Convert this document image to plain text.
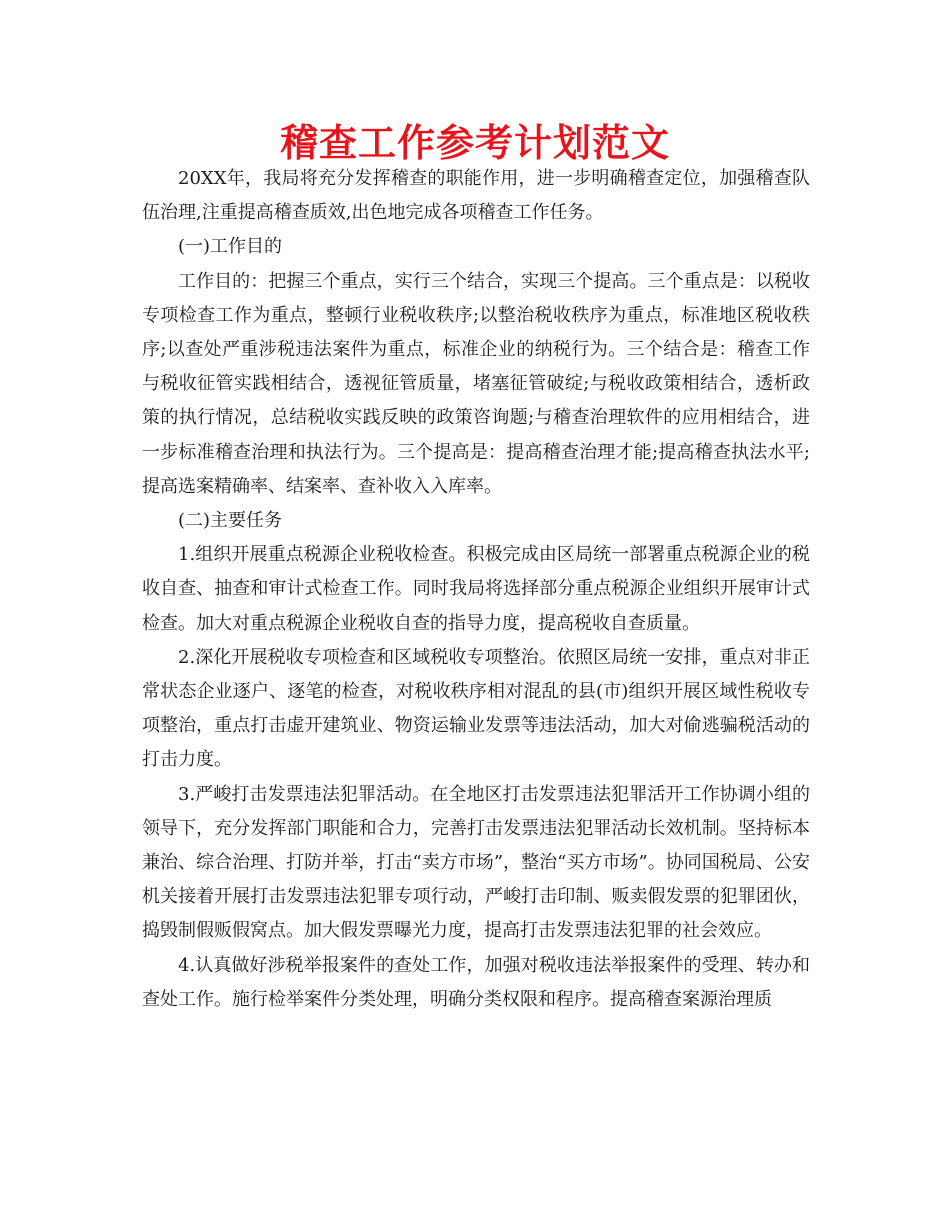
稽查工作参考计划范文

20XX年，我局将充分发挥稽查的职能作用，进一步明确稽查定位，加强稽查队伍治理,注重提高稽查质效,出色地完成各项稽查工作任务。

(一)工作目的

工作目的：把握三个重点，实行三个结合，实现三个提高。三个重点是：以税收专项检查工作为重点，整顿行业税收秩序;以整治税收秩序为重点，标准地区税收秩序;以查处严重涉税违法案件为重点，标准企业的纳税行为。三个结合是：稽查工作与税收征管实践相结合，透视征管质量，堵塞征管破绽;与税收政策相结合，透析政策的执行情况，总结税收实践反映的政策咨询题;与稽查治理软件的应用相结合，进一步标准稽查治理和执法行为。三个提高是：提高稽查治理才能;提高稽查执法水平;提高选案精确率、结案率、查补收入入库率。

(二)主要任务

1.组织开展重点税源企业税收检查。积极完成由区局统一部署重点税源企业的税收自查、抽查和审计式检查工作。同时我局将选择部分重点税源企业组织开展审计式检查。加大对重点税源企业税收自查的指导力度，提高税收自查质量。

2.深化开展税收专项检查和区域税收专项整治。依照区局统一安排，重点对非正常状态企业逐户、逐笔的检查，对税收秩序相对混乱的县(市)组织开展区域性税收专项整治，重点打击虚开建筑业、物资运输业发票等违法活动，加大对偷逃骗税活动的打击力度。

3.严峻打击发票违法犯罪活动。在全地区打击发票违法犯罪活开工作协调小组的领导下，充分发挥部门职能和合力，完善打击发票违法犯罪活动长效机制。坚持标本兼治、综合治理、打防并举，打击“卖方市场”，整治“买方市场”。协同国税局、公安机关接着开展打击发票违法犯罪专项行动，严峻打击印制、贩卖假发票的犯罪团伙，捣毁制假贩假窝点。加大假发票曝光力度，提高打击发票违法犯罪的社会效应。

4.认真做好涉税举报案件的查处工作，加强对税收违法举报案件的受理、转办和查处工作。施行检举案件分类处理，明确分类权限和程序。提高稽查案源治理质
